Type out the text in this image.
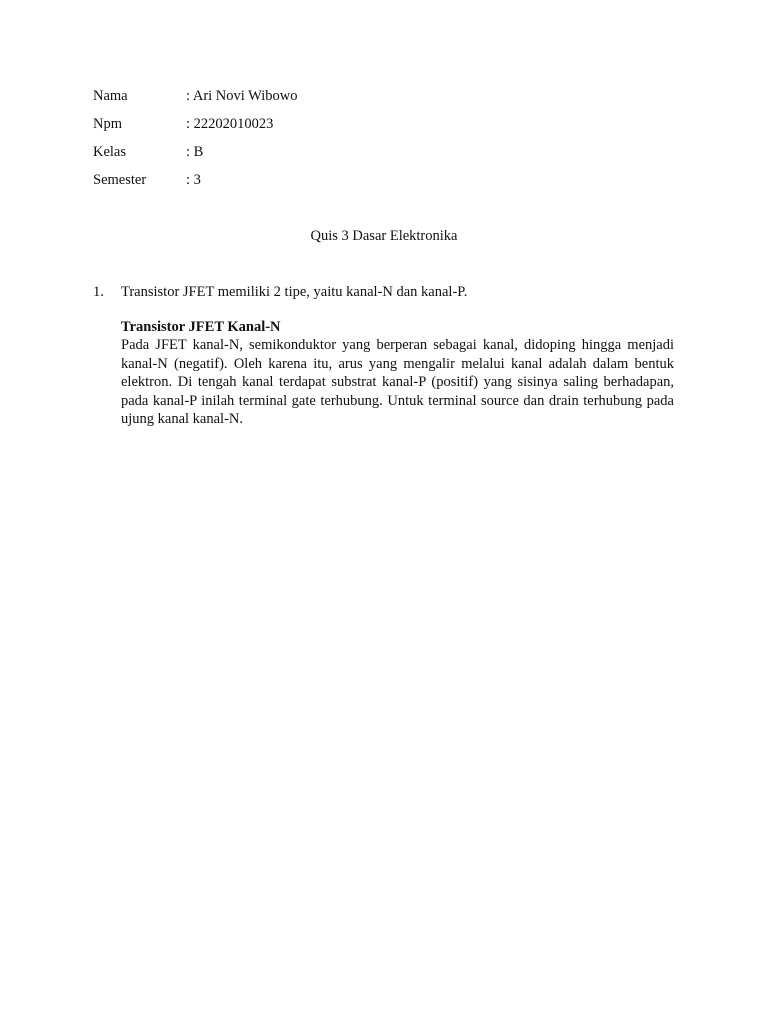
Nama	: Ari Novi Wibowo
Npm	: 22202010023
Kelas	: B
Semester	: 3
Quis 3 Dasar Elektronika
1. Transistor JFET memiliki 2 tipe, yaitu kanal-N dan kanal-P.
Transistor JFET Kanal-N

Pada JFET kanal-N, semikonduktor yang berperan sebagai kanal, didoping hingga menjadi kanal-N (negatif). Oleh karena itu, arus yang mengalir melalui kanal adalah dalam bentuk elektron. Di tengah kanal terdapat substrat kanal-P (positif) yang sisinya saling berhadapan, pada kanal-P inilah terminal gate terhubung. Untuk terminal source dan drain terhubung pada ujung kanal kanal-N.
